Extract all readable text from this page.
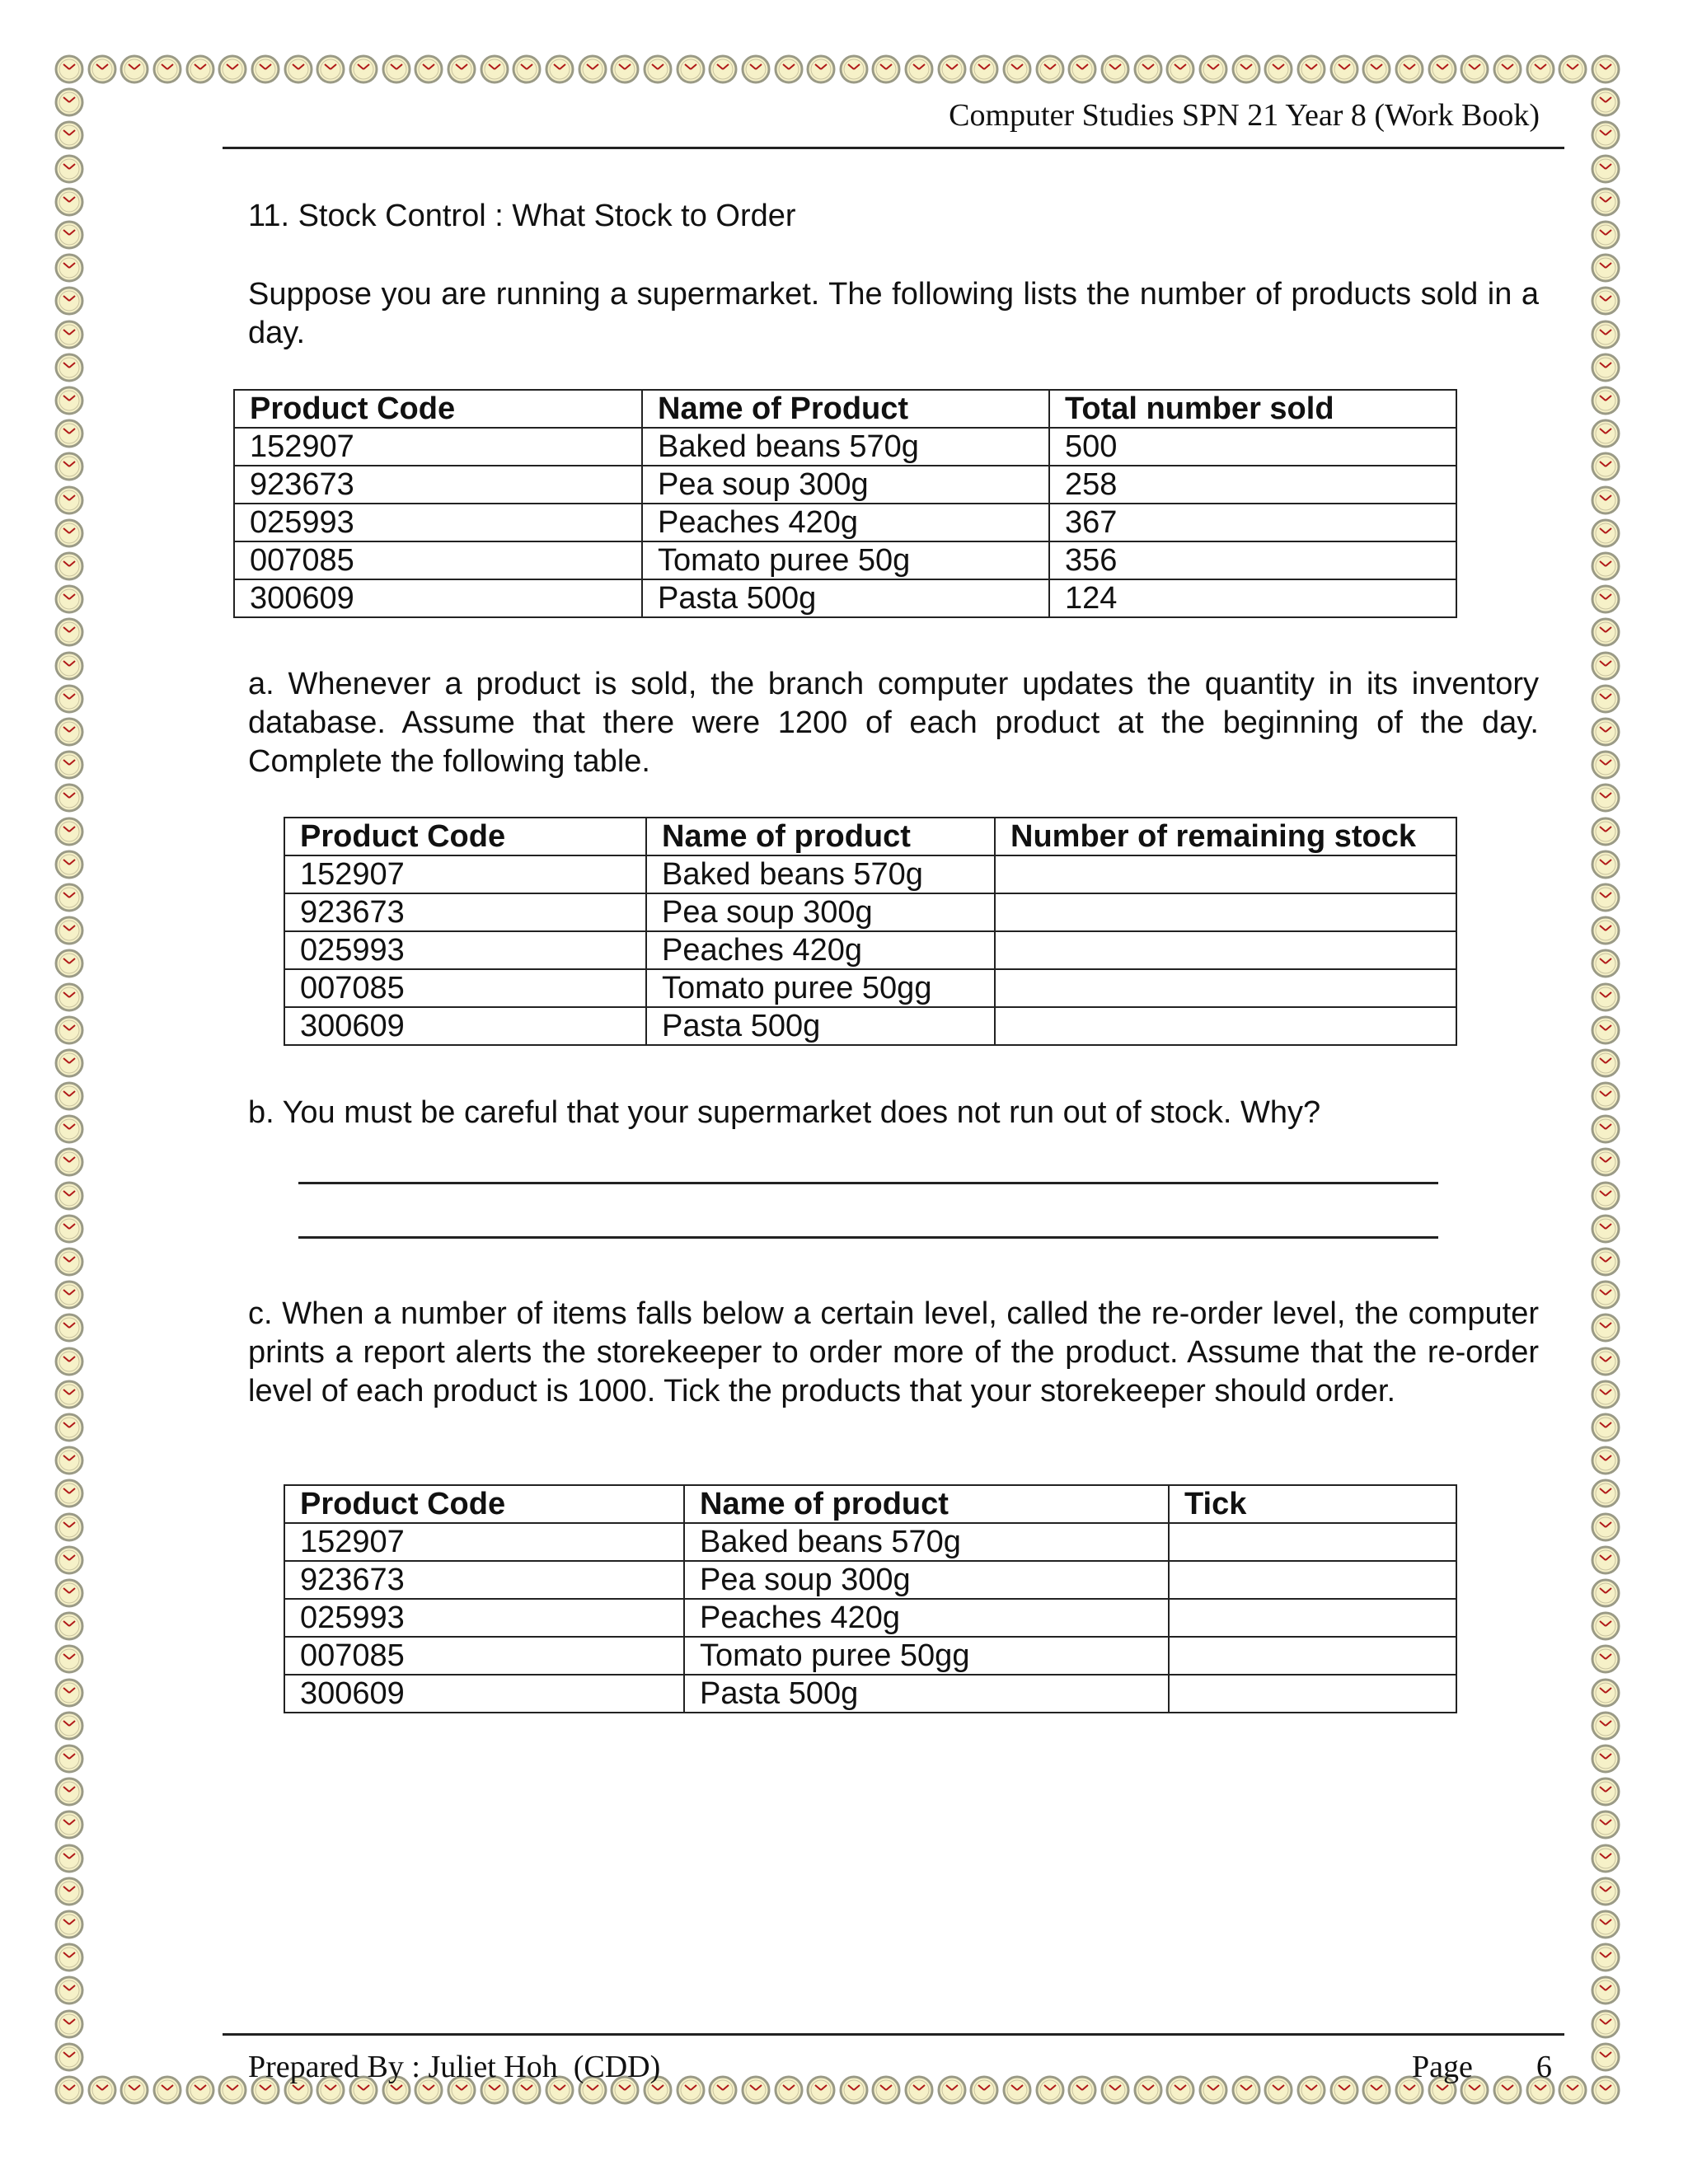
Computer Studies SPN 21 Year 8 (Work Book)
11. Stock Control : What Stock to Order
Suppose you are running a supermarket. The following lists the number of products sold in a day.
Product Code	Name of Product	Total number sold
152907	Baked beans 570g	500
923673	Pea soup 300g	258
025993	Peaches 420g	367
007085	Tomato puree 50g	356
300609	Pasta 500g	124
a. Whenever a product is sold, the branch computer updates the quantity in its inventory database. Assume that there were 1200 of each product at the beginning of the day. Complete the following table.
Product Code	Name of product	Number of remaining stock
152907	Baked beans 570g	
923673	Pea soup 300g	
025993	Peaches 420g	
007085	Tomato puree 50gg	
300609	Pasta 500g	
b. You must be careful that your supermarket does not run out of stock. Why?
c. When a number of items falls below a certain level, called the re-order level, the computer prints a report alerts the storekeeper to order more of the product. Assume that the re-order level of each product is 1000. Tick the products that your storekeeper should order.
Product Code	Name of product	Tick
152907	Baked beans 570g	
923673	Pea soup 300g	
025993	Peaches 420g	
007085	Tomato puree 50gg	
300609	Pasta 500g	
Prepared By : Juliet Hoh  (CDD)	Page 6
